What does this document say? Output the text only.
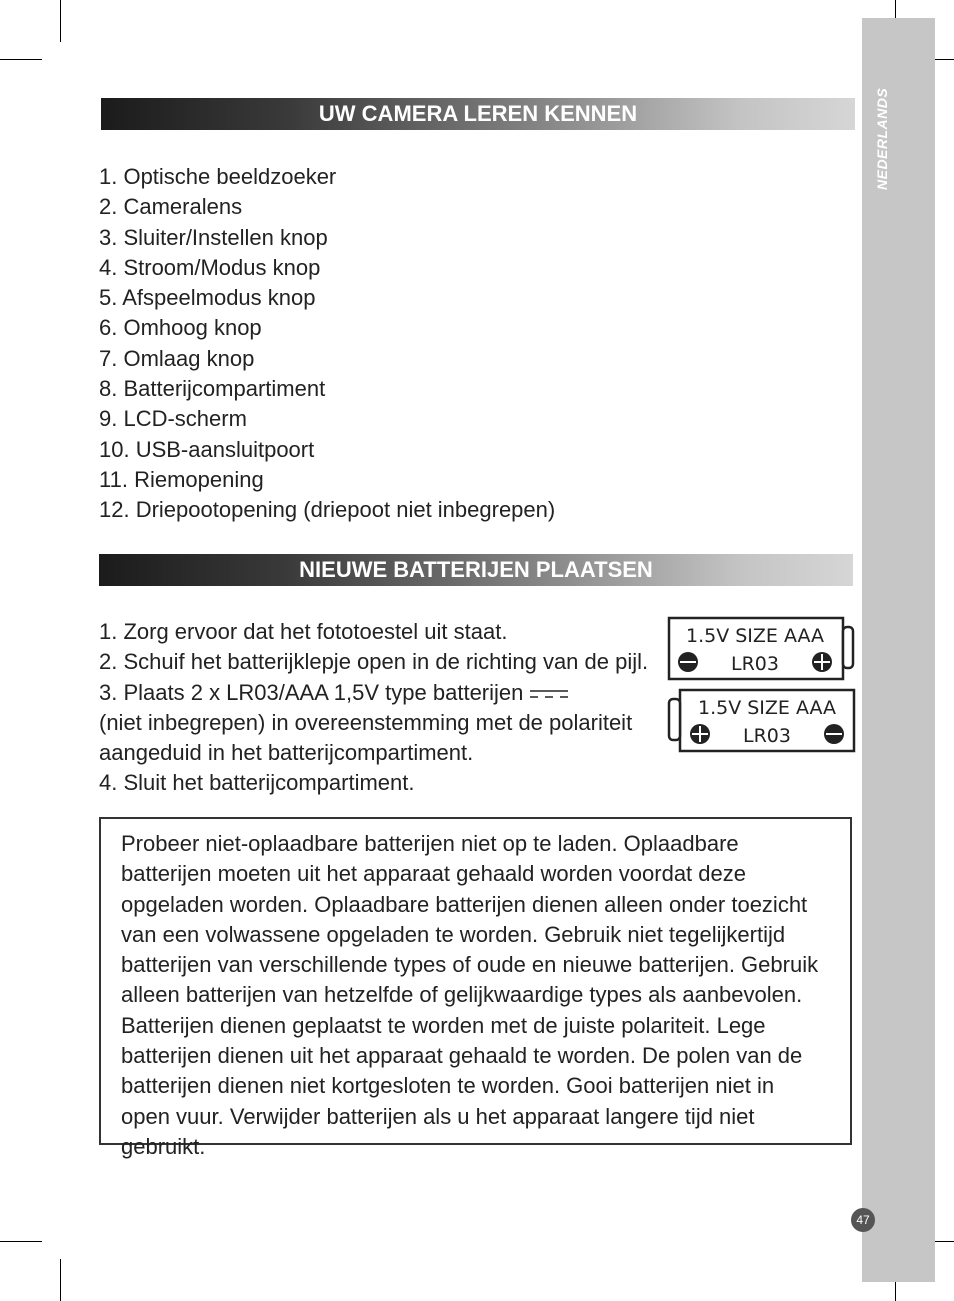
NEDERLANDS
47
UW CAMERA LEREN KENNEN
1. Optische beeldzoeker
2. Cameralens
3. Sluiter/Instellen knop
4. Stroom/Modus knop
5. Afspeelmodus knop
6. Omhoog knop
7. Omlaag knop
8. Batterijcompartiment
9. LCD-scherm
10. USB-aansluitpoort
11. Riemopening
12. Driepootopening (driepoot niet inbegrepen)
NIEUWE BATTERIJEN PLAATSEN
1. Zorg ervoor dat het fototoestel uit staat.
2. Schuif het batterijklepje open in de richting van de pijl.
3. Plaats 2 x LR03/AAA 1,5V type batterijen
(niet inbegrepen) in overeenstemming met de polariteit
aangeduid in het batterijcompartiment.
4. Sluit het batterijcompartiment.
1.5V SIZE AAA
LR03
1.5V SIZE AAA
LR03

Probeer niet-oplaadbare batterijen niet op te laden. Oplaadbare batterijen moeten uit het apparaat gehaald worden voordat deze opgeladen worden. Oplaadbare batterijen dienen alleen onder toezicht van een volwassene opgeladen te worden. Gebruik niet tegelijkertijd batterijen van verschillende types of oude en nieuwe batterijen. Gebruik alleen batterijen van hetzelfde of gelijkwaardige types als aanbevolen. Batterijen dienen geplaatst te worden met de juiste polariteit. Lege batterijen dienen uit het apparaat gehaald te worden. De polen van de batterijen dienen niet kortgesloten te worden. Gooi batterijen niet in open vuur. Verwijder batterijen als u het apparaat langere tijd niet gebruikt.
